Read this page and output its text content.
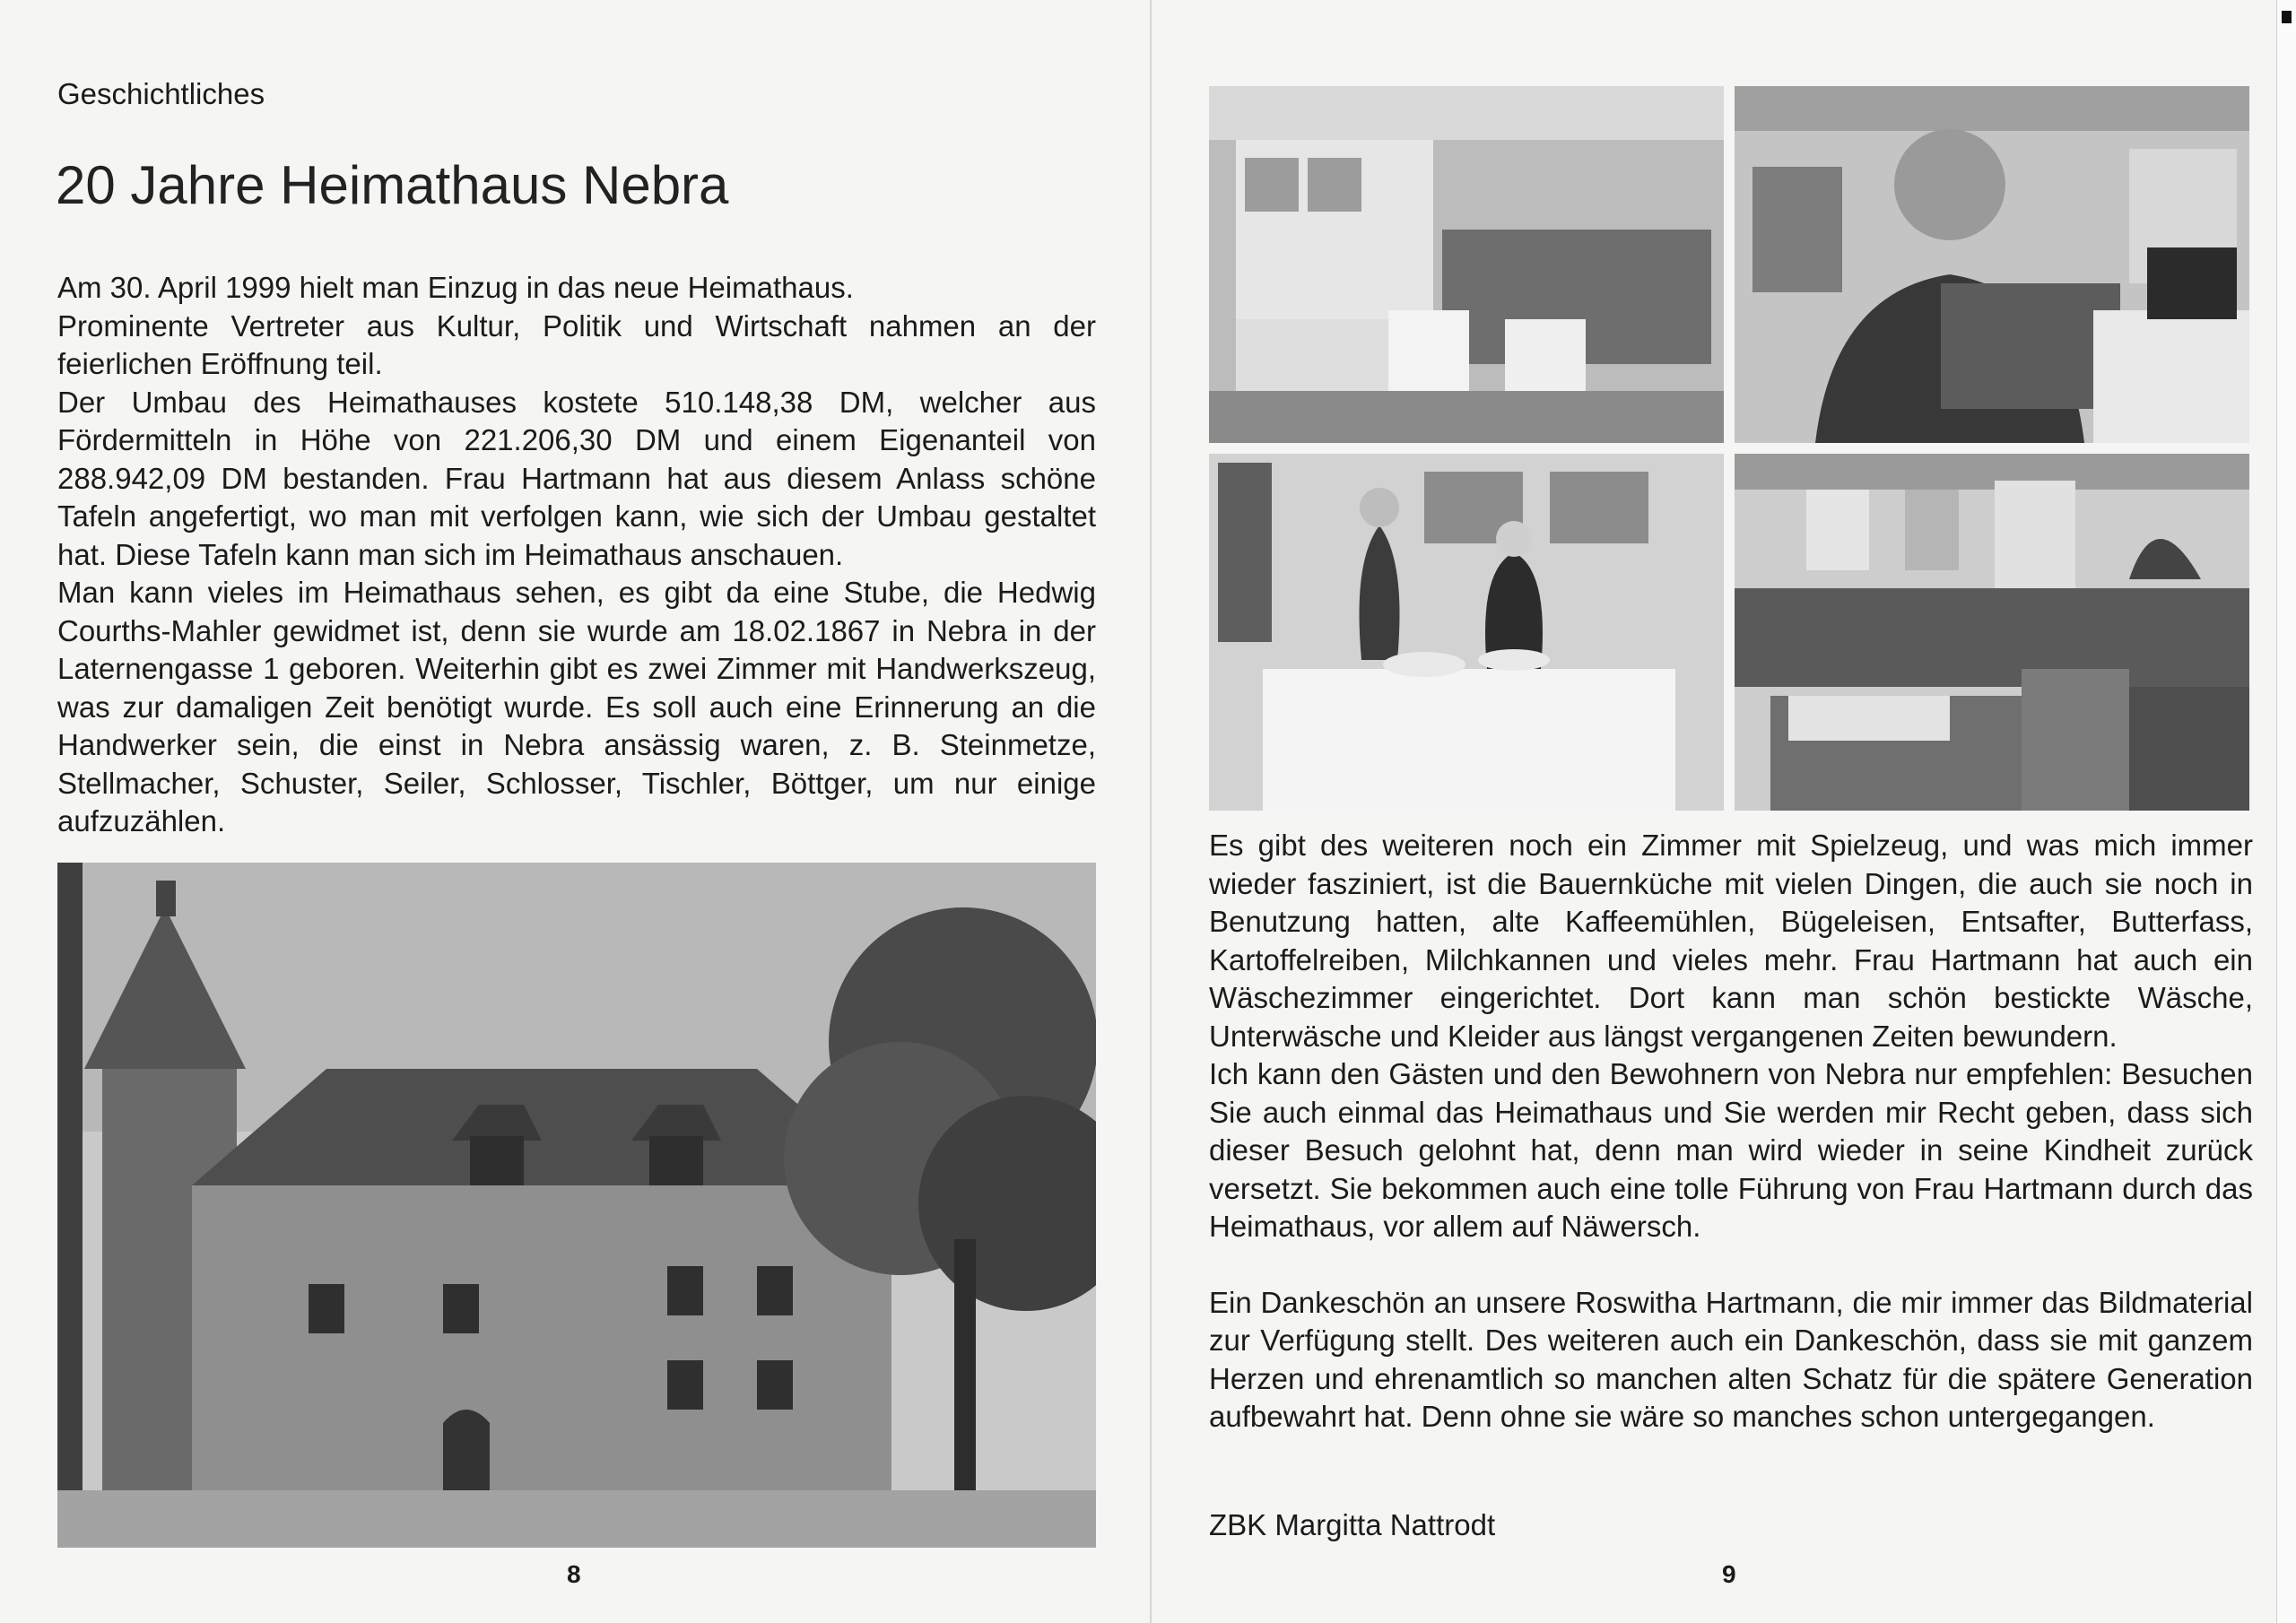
Geschichtliches
20 Jahre Heimathaus Nebra

Am 30. April 1999 hielt man Einzug in das neue Heimathaus.

Prominente Vertreter aus Kultur, Politik und Wirtschaft nahmen an der feierlichen Eröffnung teil.

Der Umbau des Heimathauses kostete 510.148,38 DM, welcher aus Fördermitteln in Höhe von 221.206,30 DM und einem Eigenanteil von 288.942,09 DM bestanden. Frau Hartmann hat aus diesem Anlass schöne Tafeln angefertigt, wo man mit verfolgen kann, wie sich der Umbau gestaltet hat. Diese Tafeln kann man sich im Heimathaus anschauen.

Man kann vieles im Heimathaus sehen, es gibt da eine Stube, die Hedwig Courths-Mahler gewidmet ist, denn sie wurde am 18.02.1867 in Nebra in der Laternengasse 1 geboren. Weiterhin gibt es zwei Zimmer mit Handwerkszeug, was zur damaligen Zeit benötigt wurde. Es soll auch eine Erinnerung an die Handwerker sein, die einst in Nebra ansässig waren, z. B. Steinmetze, Stellmacher, Schuster, Seiler, Schlosser, Tischler, Böttger, um nur einige aufzuzählen.

8

Es gibt des weiteren noch ein Zimmer mit Spielzeug, und was mich immer wieder fasziniert, ist die Bauernküche mit vielen Dingen, die auch sie noch in Benutzung hatten, alte Kaffeemühlen, Bügeleisen, Entsafter, Butterfass, Kartoffelreiben, Milchkannen und vieles mehr. Frau Hartmann hat auch ein Wäschezimmer eingerichtet. Dort kann man schön bestickte Wäsche, Unterwäsche und Kleider aus längst vergangenen Zeiten bewundern.

Ich kann den Gästen und den Bewohnern von Nebra nur empfehlen: Besuchen Sie auch einmal das Heimathaus und Sie werden mir Recht geben, dass sich dieser Besuch gelohnt hat, denn man wird wieder in seine Kindheit zurück versetzt. Sie bekommen auch eine tolle Führung von Frau Hartmann durch das Heimathaus, vor allem auf Näwersch.

Ein Dankeschön an unsere Roswitha Hartmann, die mir immer das Bildmaterial zur Verfügung stellt. Des weiteren auch ein Dankeschön, dass sie mit ganzem Herzen und ehrenamtlich so manchen alten Schatz für die spätere Generation aufbewahrt hat. Denn ohne sie wäre so manches schon untergegangen.

ZBK Margitta Nattrodt
9
